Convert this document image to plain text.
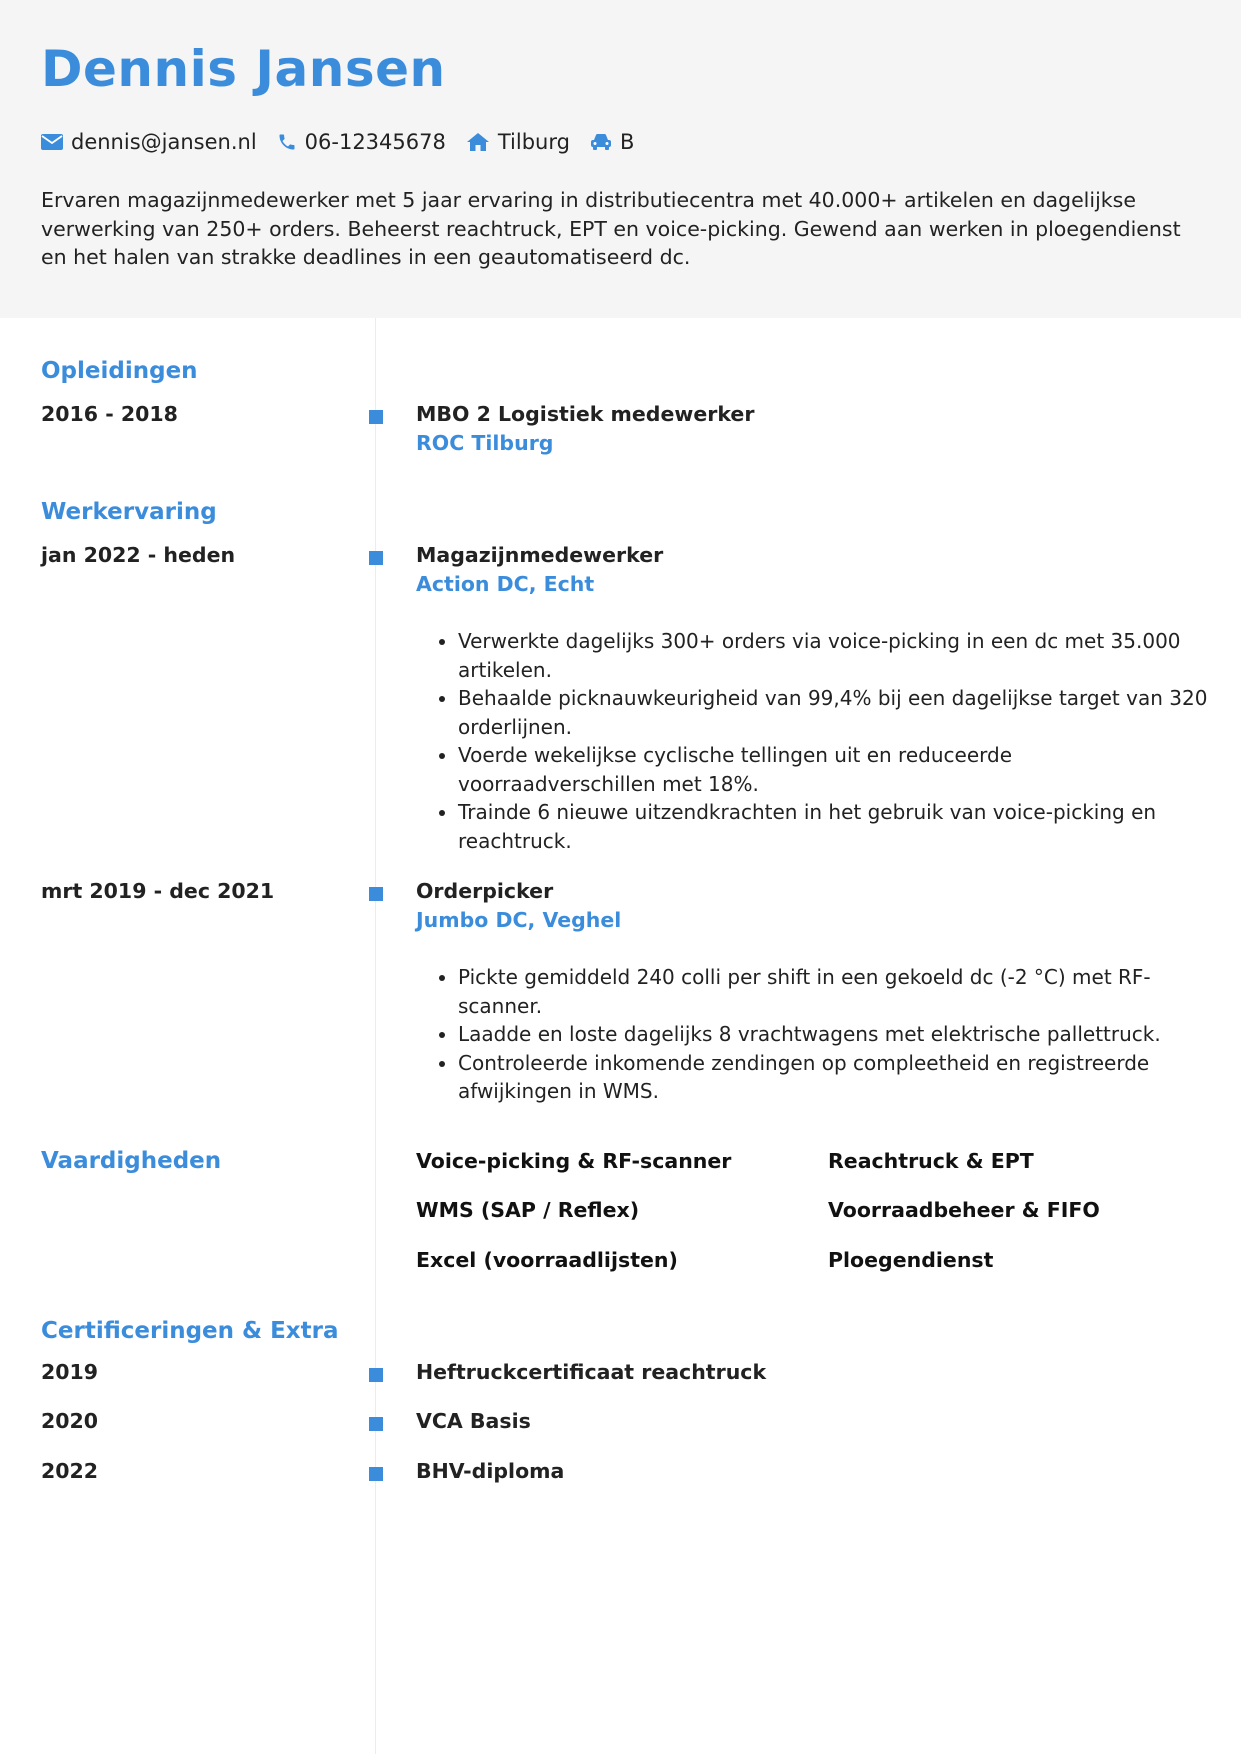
Dennis Jansen
dennis@jansen.nl 06-12345678 Tilburg B
Ervaren magazijnmedewerker met 5 jaar ervaring in distributiecentra met 40.000+ artikelen en dagelijkse verwerking van 250+ orders. Beheerst reachtruck, EPT en voice-picking. Gewend aan werken in ploegendienst en het halen van strakke deadlines in een geautomatiseerd dc.
Opleidingen
2016 - 2018	MBO 2 Logistiek medewerker
ROC Tilburg
Werkervaring
jan 2022 - heden	Magazijnmedewerker
Action DC, Echt
• Verwerkte dagelijks 300+ orders via voice-picking in een dc met 35.000 artikelen.
• Behaalde picknauwkeurigheid van 99,4% bij een dagelijkse target van 320 orderlijnen.
• Voerde wekelijkse cyclische tellingen uit en reduceerde voorraadverschillen met 18%.
• Trainde 6 nieuwe uitzendkrachten in het gebruik van voice-picking en reachtruck.
mrt 2019 - dec 2021	Orderpicker
Jumbo DC, Veghel
• Pickte gemiddeld 240 colli per shift in een gekoeld dc (-2 °C) met RF-scanner.
• Laadde en loste dagelijks 8 vrachtwagens met elektrische pallettruck.
• Controleerde inkomende zendingen op compleetheid en registreerde afwijkingen in WMS.
Vaardigheden	Voice-picking & RF-scanner	Reachtruck & EPT
WMS (SAP / Reflex)	Voorraadbeheer & FIFO
Excel (voorraadlijsten)	Ploegendienst
Certificeringen & Extra
2019	Heftruckcertificaat reachtruck
2020	VCA Basis
2022	BHV-diploma
